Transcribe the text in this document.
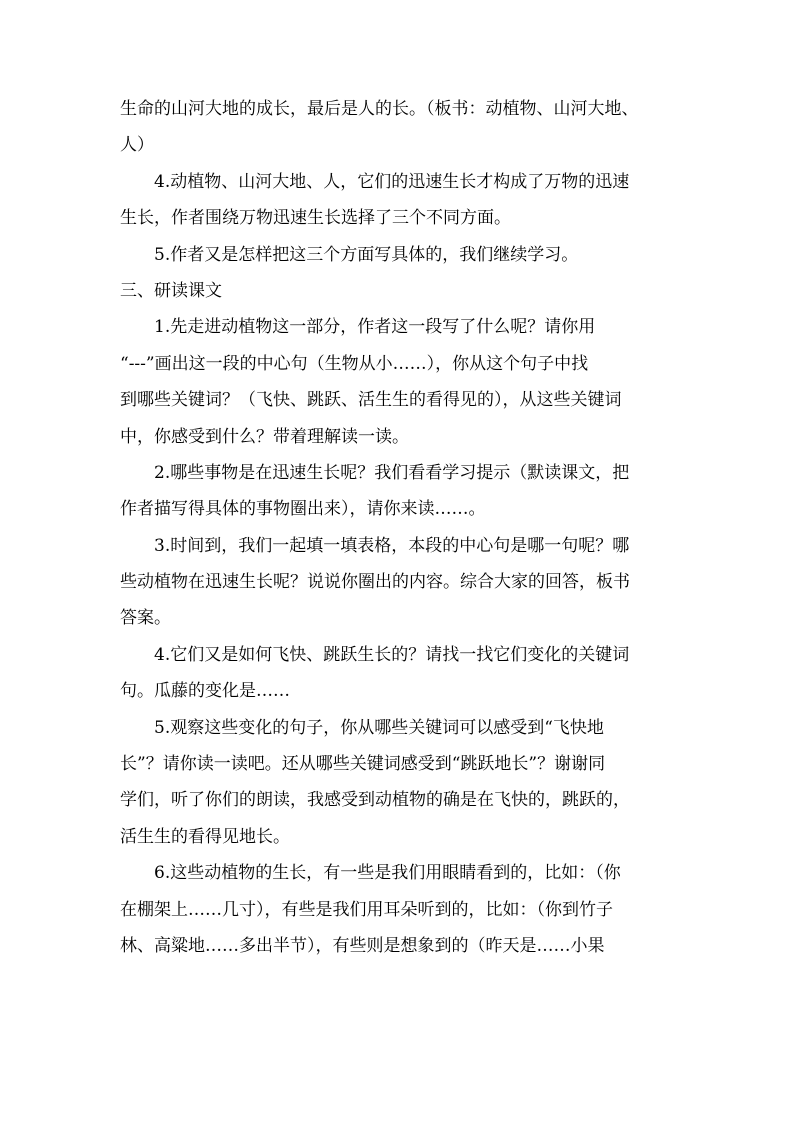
生命的山河大地的成长，最后是人的长。（板书：动植物、山河大地、
人）
4.动植物、山河大地、人，它们的迅速生长才构成了万物的迅速
生长，作者围绕万物迅速生长选择了三个不同方面。
5.作者又是怎样把这三个方面写具体的，我们继续学习。
三、研读课文
1.先走进动植物这一部分，作者这一段写了什么呢？请你用
“---”画出这一段的中心句（生物从小……），你从这个句子中找
到哪些关键词？（飞快、跳跃、活生生的看得见的），从这些关键词
中，你感受到什么？带着理解读一读。
2.哪些事物是在迅速生长呢？我们看看学习提示（默读课文，把
作者描写得具体的事物圈出来），请你来读……。
3.时间到，我们一起填一填表格，本段的中心句是哪一句呢？哪
些动植物在迅速生长呢？说说你圈出的内容。综合大家的回答，板书
答案。
4.它们又是如何飞快、跳跃生长的？请找一找它们变化的关键词
句。瓜藤的变化是……
5.观察这些变化的句子，你从哪些关键词可以感受到“飞快地
长”？请你读一读吧。还从哪些关键词感受到“跳跃地长”？谢谢同
学们，听了你们的朗读，我感受到动植物的确是在飞快的，跳跃的，
活生生的看得见地长。
6.这些动植物的生长，有一些是我们用眼睛看到的，比如：（你
在棚架上……几寸），有些是我们用耳朵听到的，比如：（你到竹子
林、高粱地……多出半节），有些则是想象到的（昨天是……小果
